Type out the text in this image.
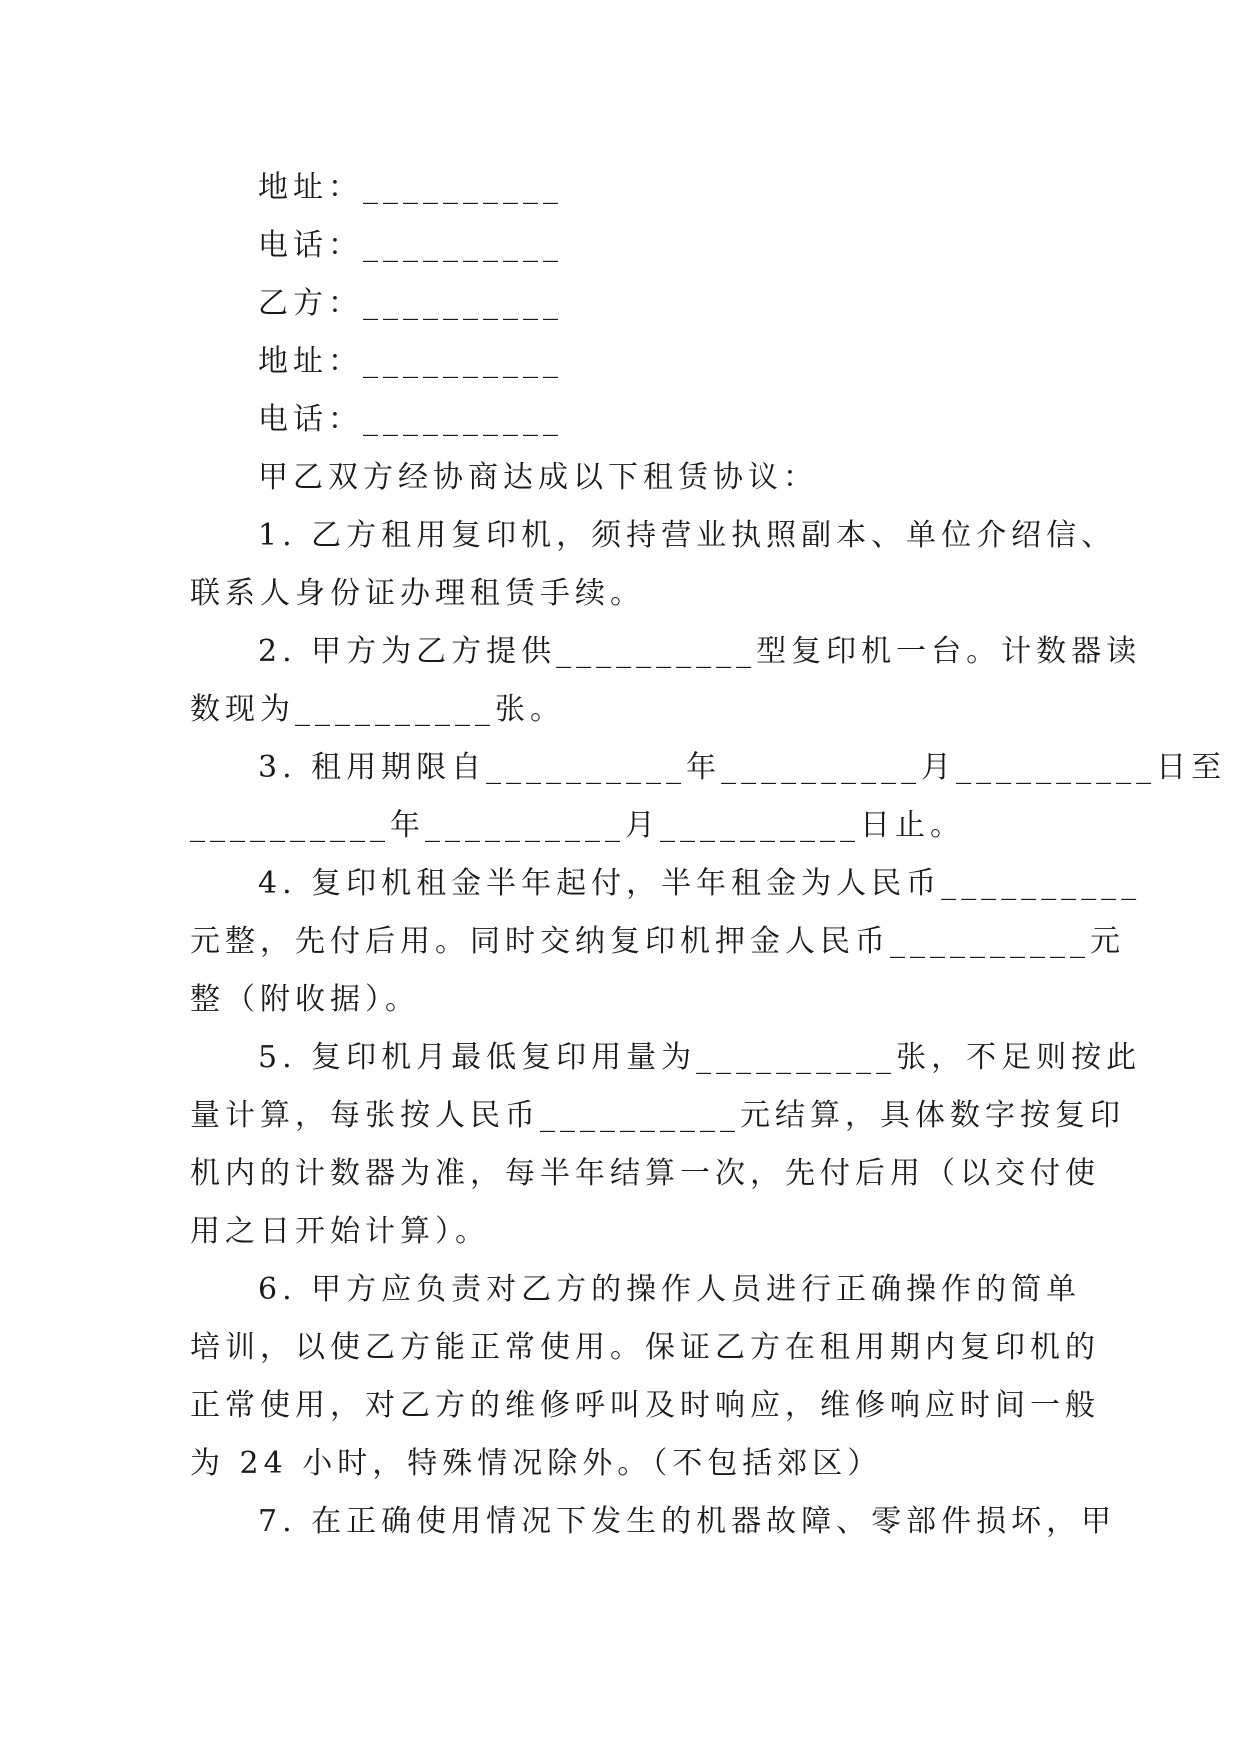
地址：__________
电话：__________
乙方：__________
地址：__________
电话：__________
甲乙双方经协商达成以下租赁协议：
1. 乙方租用复印机，须持营业执照副本、单位介绍信、
联系人身份证办理租赁手续。
2. 甲方为乙方提供__________型复印机一台。计数器读
数现为__________张。
3. 租用期限自__________年__________月__________日至
__________年__________月__________日止。
4. 复印机租金半年起付，半年租金为人民币__________
元整，先付后用。同时交纳复印机押金人民币__________元
整（附收据）。
5. 复印机月最低复印用量为__________张，不足则按此
量计算，每张按人民币__________元结算，具体数字按复印
机内的计数器为准，每半年结算一次，先付后用（以交付使
用之日开始计算）。
6. 甲方应负责对乙方的操作人员进行正确操作的简单
培训，以使乙方能正常使用。保证乙方在租用期内复印机的
正常使用，对乙方的维修呼叫及时响应，维修响应时间一般
为 24 小时，特殊情况除外。（不包括郊区）
7. 在正确使用情况下发生的机器故障、零部件损坏，甲
